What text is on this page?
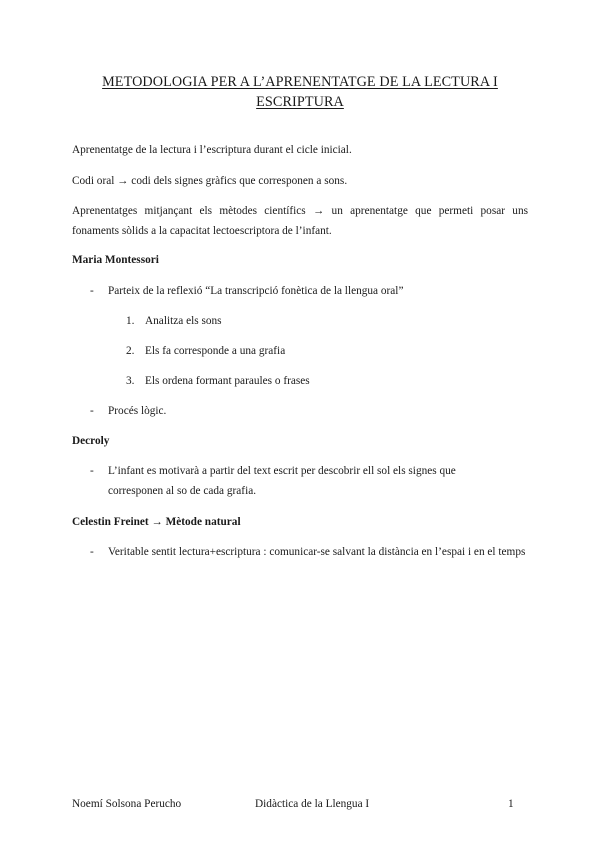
METODOLOGIA PER A L’APRENENTATGE DE LA LECTURA I
ESCRIPTURA
Aprenentatge de la lectura i l’escriptura durant el cicle inicial.
Codi oral → codi dels signes gràfics que corresponen a sons.
Aprenentatges mitjançant els mètodes científics → un aprenentatge que permeti posar uns fonaments sòlids a la capacitat lectoescriptora de l’infant.
Maria Montessori
- Parteix de la reflexió “La transcripció fonètica de la llengua oral”
1. Analitza els sons
2. Els fa corresponde a una grafia
3. Els ordena formant paraules o frases
- Procés lògic.
Decroly
- L’infant es motivarà a partir del text escrit per descobrir ell sol els signes que corresponen al so de cada grafia.
Celestin Freinet → Mètode natural
- Veritable sentit lectura+escriptura : comunicar-se salvant la distància en l’espai i en el temps
Noemí Solsona Perucho	Didàctica de la Llengua I	1
